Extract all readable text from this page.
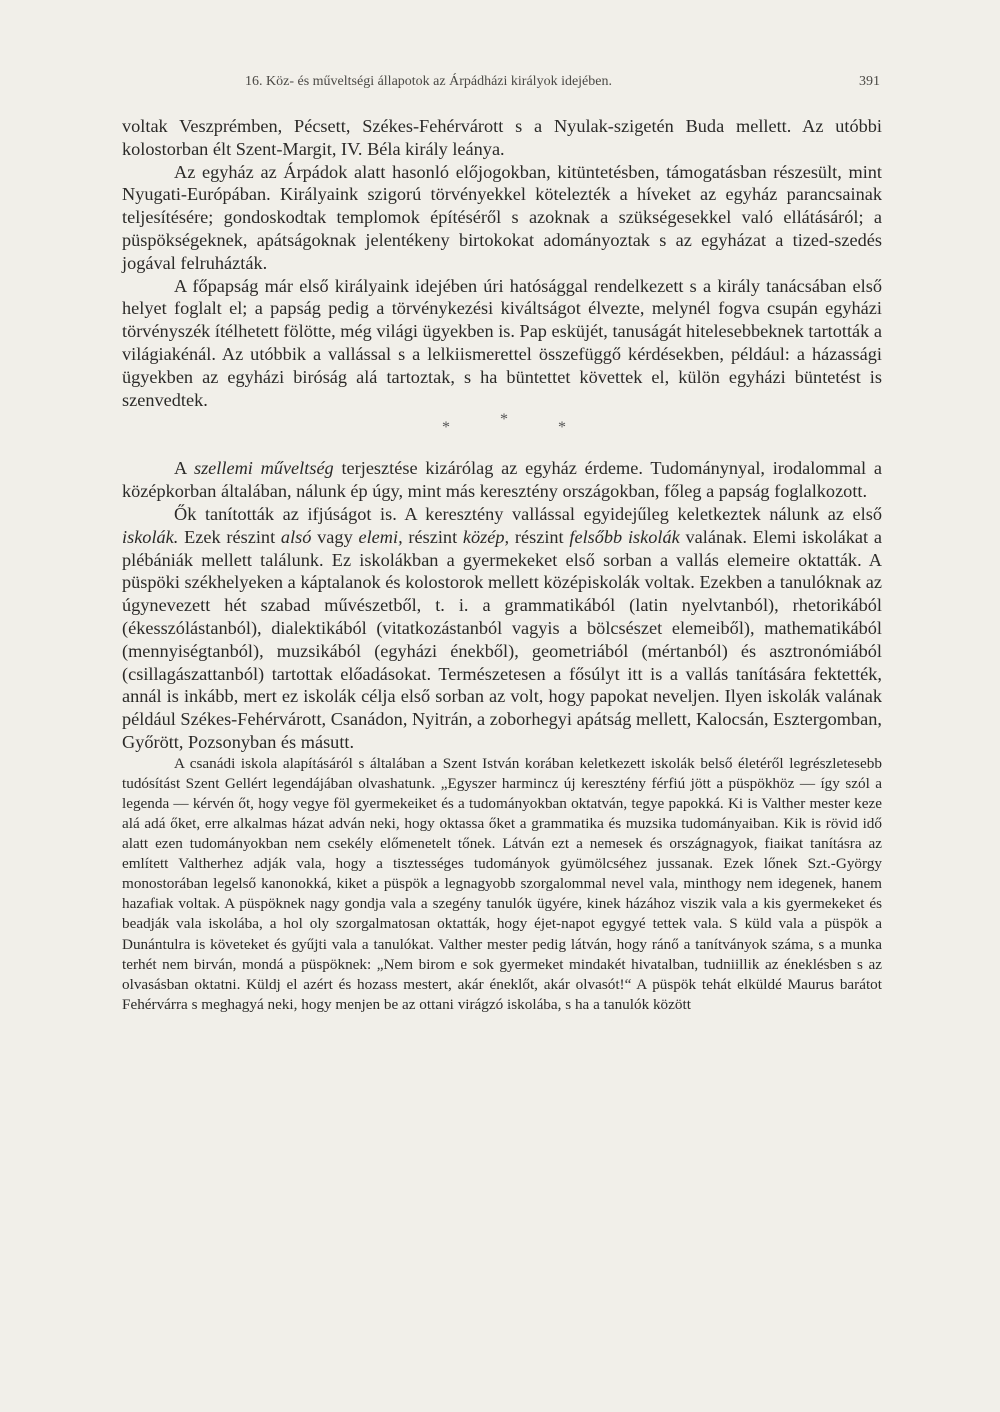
16. Köz- és műveltségi állapotok az Árpádházi királyok idejében.	391

voltak Veszprémben, Pécsett, Székes-Fehérvárott s a Nyulak-szigetén Buda mellett. Az utóbbi kolostorban élt Szent-Margit, IV. Béla király leánya.

Az egyház az Árpádok alatt hasonló előjogokban, kitüntetésben, támogatásban részesült, mint Nyugati-Európában. Királyaink szigorú törvényekkel kötelezték a híveket az egyház parancsainak teljesítésére; gondoskodtak templomok építéséről s azoknak a szükségesekkel való ellátásáról; a püspökségeknek, apátságoknak jelentékeny birtokokat adományoztak s az egyházat a tized-szedés jogával felruházták.

A főpapság már első királyaink idejében úri hatósággal rendelkezett s a király tanácsában első helyet foglalt el; a papság pedig a törvénykezési kiváltságot élvezte, melynél fogva csupán egyházi törvényszék ítélhetett fölötte, még világi ügyekben is. Pap esküjét, tanuságát hitelesebbeknek tartották a világiakénál. Az utóbbik a vallással s a lelkiismerettel összefüggő kérdésekben, például: a házassági ügyekben az egyházi biróság alá tartoztak, s ha büntettet követtek el, külön egyházi büntetést is szenvedtek.

*	*	*

A szellemi műveltség terjesztése kizárólag az egyház érdeme. Tudománynyal, irodalommal a középkorban általában, nálunk ép úgy, mint más keresztény országokban, főleg a papság foglalkozott.

Ők tanították az ifjúságot is. A keresztény vallással egyidejűleg keletkeztek nálunk az első iskolák. Ezek részint alsó vagy elemi, részint közép, részint felsőbb iskolák valának. Elemi iskolákat a plébániák mellett találunk. Ez iskolákban a gyermekeket első sorban a vallás elemeire oktatták. A püspöki székhelyeken a káptalanok és kolostorok mellett középiskolák voltak. Ezekben a tanulóknak az úgynevezett hét szabad művészetből, t. i. a grammatikából (latin nyelvtanból), rhetorikából (ékesszólástanból), dialektikából (vitatkozástanból vagyis a bölcsészet elemeiből), mathematikából (mennyiségtanból), muzsikából (egyházi énekből), geometriából (mértanból) és asztronómiából (csillagászattanból) tartottak előadásokat. Természetesen a fősúlyt itt is a vallás tanítására fektették, annál is inkább, mert ez iskolák célja első sorban az volt, hogy papokat neveljen. Ilyen iskolák valának például Székes-Fehérvárott, Csanádon, Nyitrán, a zoborhegyi apátság mellett, Kalocsán, Esztergomban, Győrött, Pozsonyban és másutt.

A csanádi iskola alapításáról s általában a Szent István korában keletkezett iskolák belső életéről legrészletesebb tudósítást Szent Gellért legendájában olvashatunk. „Egyszer harmincz új keresztény férfiú jött a püspökhöz — így szól a legenda — kérvén őt, hogy vegye föl gyermekeiket és a tudományokban oktatván, tegye papokká. Ki is Valther mester keze alá adá őket, erre alkalmas házat adván neki, hogy oktassa őket a grammatika és muzsika tudományaiban. Kik is rövid idő alatt ezen tudományokban nem csekély előmenetelt tőnek. Látván ezt a nemesek és országnagyok, fiaikat tanításra az említett Valtherhez adják vala, hogy a tisztességes tudományok gyümölcséhez jussanak. Ezek lőnek Szt.-György monostorában legelső kanonokká, kiket a püspök a legnagyobb szorgalommal nevel vala, minthogy nem idegenek, hanem hazafiak voltak. A püspöknek nagy gondja vala a szegény tanulók ügyére, kinek házához viszik vala a kis gyermekeket és beadják vala iskolába, a hol oly szorgalmatosan oktatták, hogy éjet-napot egygyé tettek vala. S küld vala a püspök a Dunántulra is követeket és gyűjti vala a tanulókat. Valther mester pedig látván, hogy ránő a tanítványok száma, s a munka terhét nem birván, mondá a püspöknek: „Nem birom e sok gyermeket mindakét hivatalban, tudniillik az éneklésben s az olvasásban oktatni. Küldj el azért és hozass mestert, akár éneklőt, akár olvasót!“ A püspök tehát elküldé Maurus barátot Fehérvárra s meghagyá neki, hogy menjen be az ottani virágzó iskolába, s ha a tanulók között
